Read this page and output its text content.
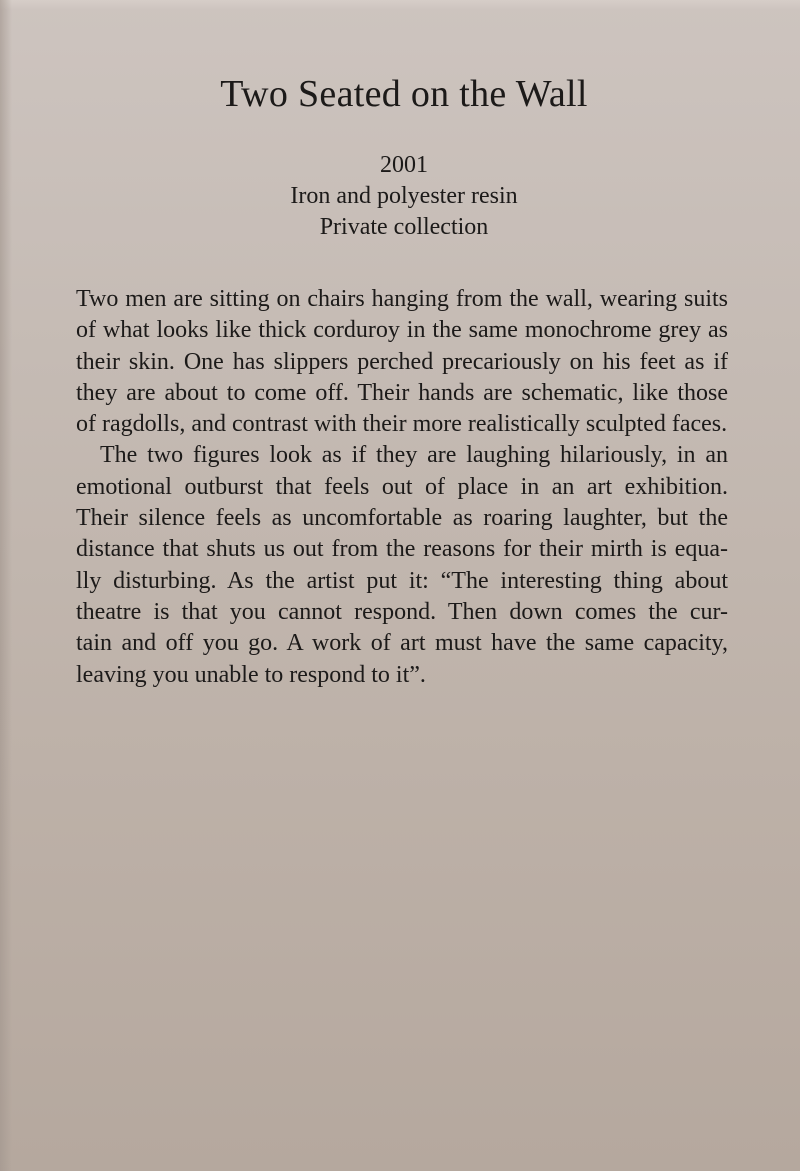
Two Seated on the Wall
2001
Iron and polyester resin
Private collection
Two men are sitting on chairs hanging from the wall, wearing suits
of what looks like thick corduroy in the same monochrome grey as
their skin. One has slippers perched precariously on his feet as if
they are about to come off. Their hands are schematic, like those
of ragdolls, and contrast with their more realistically sculpted faces.
The two figures look as if they are laughing hilariously, in an
emotional outburst that feels out of place in an art exhibition.
Their silence feels as uncomfortable as roaring laughter, but the
distance that shuts us out from the reasons for their mirth is equa-
lly disturbing. As the artist put it: “The interesting thing about
theatre is that you cannot respond. Then down comes the cur-
tain and off you go. A work of art must have the same capacity,
leaving you unable to respond to it”.
